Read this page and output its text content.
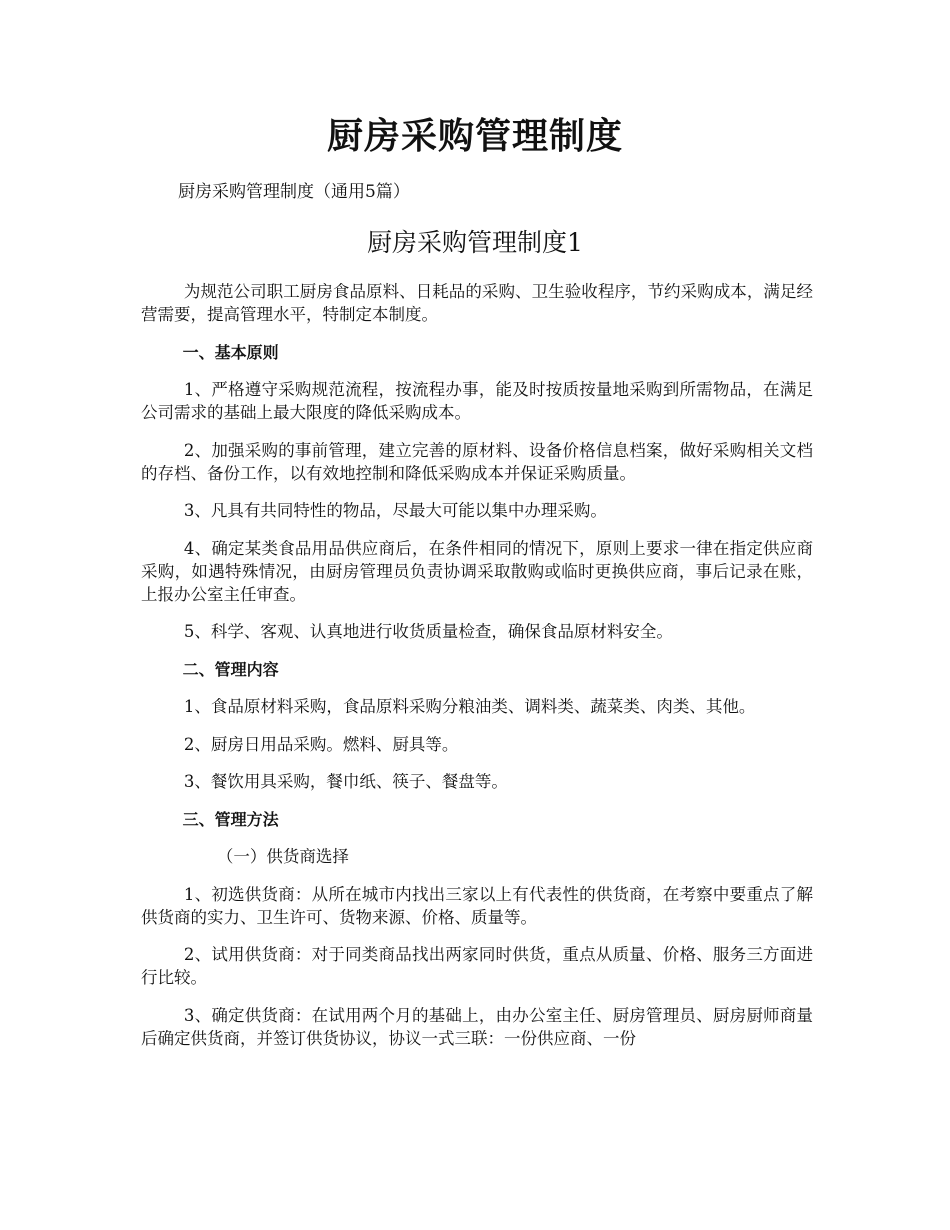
厨房采购管理制度
厨房采购管理制度（通用5篇）
厨房采购管理制度1

为规范公司职工厨房食品原料、日耗品的采购、卫生验收程序，节约采购成本，满足经营需要，提高管理水平，特制定本制度。

一、基本原则

1、严格遵守采购规范流程，按流程办事，能及时按质按量地采购到所需物品，在满足公司需求的基础上最大限度的降低采购成本。

2、加强采购的事前管理，建立完善的原材料、设备价格信息档案，做好采购相关文档的存档、备份工作，以有效地控制和降低采购成本并保证采购质量。

3、凡具有共同特性的物品，尽最大可能以集中办理采购。

4、确定某类食品用品供应商后，在条件相同的情况下，原则上要求一律在指定供应商采购，如遇特殊情况，由厨房管理员负责协调采取散购或临时更换供应商，事后记录在账，上报办公室主任审查。

5、科学、客观、认真地进行收货质量检查，确保食品原材料安全。

二、管理内容

1、食品原材料采购，食品原料采购分粮油类、调料类、蔬菜类、肉类、其他。

2、厨房日用品采购。燃料、厨具等。

3、餐饮用具采购，餐巾纸、筷子、餐盘等。

三、管理方法

（一）供货商选择

1、初选供货商：从所在城市内找出三家以上有代表性的供货商，在考察中要重点了解供货商的实力、卫生许可、货物来源、价格、质量等。

2、试用供货商：对于同类商品找出两家同时供货，重点从质量、价格、服务三方面进行比较。

3、确定供货商：在试用两个月的基础上，由办公室主任、厨房管理员、厨房厨师商量后确定供货商，并签订供货协议，协议一式三联：一份供应商、一份
